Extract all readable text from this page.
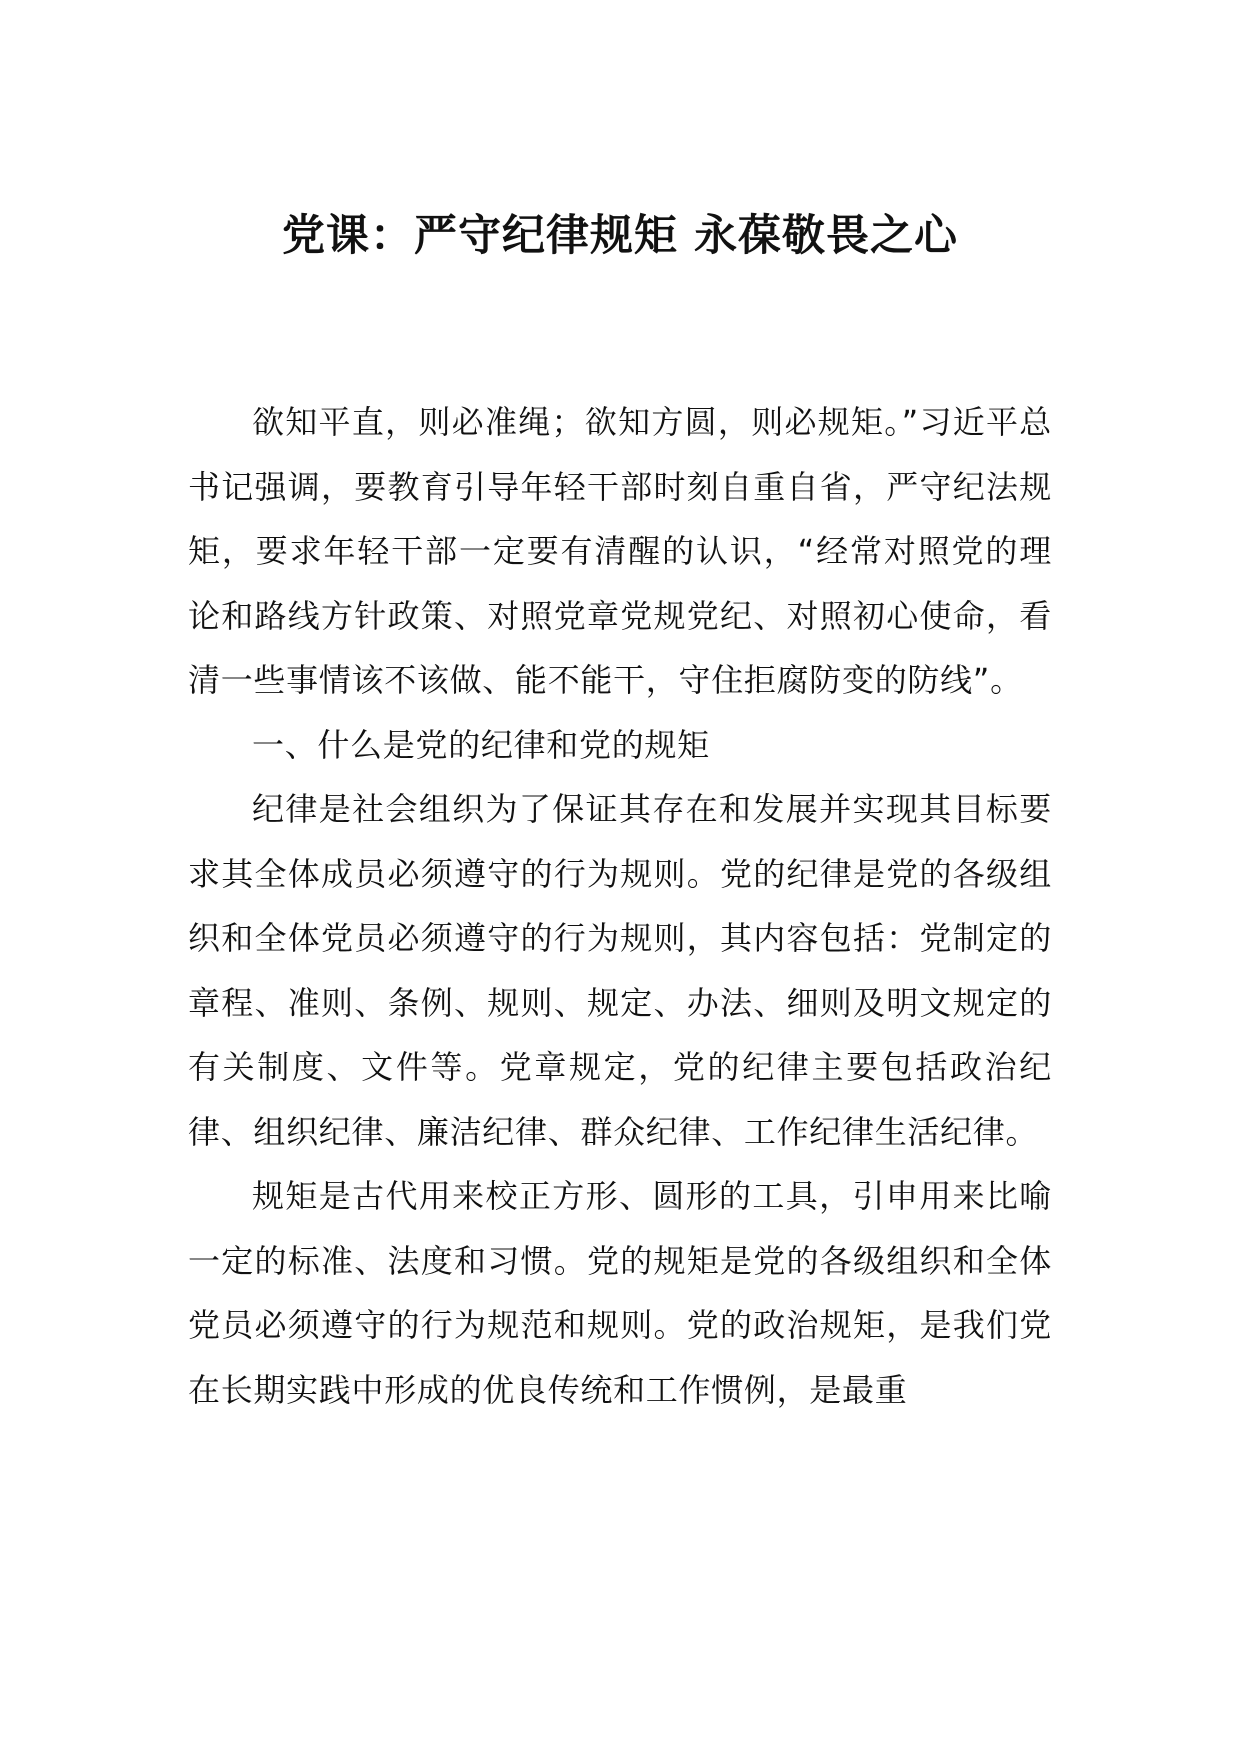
党课：严守纪律规矩 永葆敬畏之心

欲知平直，则必准绳；欲知方圆，则必规矩。”习近平总书记强调，要教育引导年轻干部时刻自重自省，严守纪法规矩，要求年轻干部一定要有清醒的认识，“经常对照党的理论和路线方针政策、对照党章党规党纪、对照初心使命，看清一些事情该不该做、能不能干，守住拒腐防变的防线”。

一、什么是党的纪律和党的规矩

纪律是社会组织为了保证其存在和发展并实现其目标要求其全体成员必须遵守的行为规则。党的纪律是党的各级组织和全体党员必须遵守的行为规则，其内容包括：党制定的章程、准则、条例、规则、规定、办法、细则及明文规定的有关制度、文件等。党章规定，党的纪律主要包括政治纪律、组织纪律、廉洁纪律、群众纪律、工作纪律生活纪律。

规矩是古代用来校正方形、圆形的工具，引申用来比喻一定的标准、法度和习惯。党的规矩是党的各级组织和全体党员必须遵守的行为规范和规则。党的政治规矩，是我们党在长期实践中形成的优良传统和工作惯例，是最重
